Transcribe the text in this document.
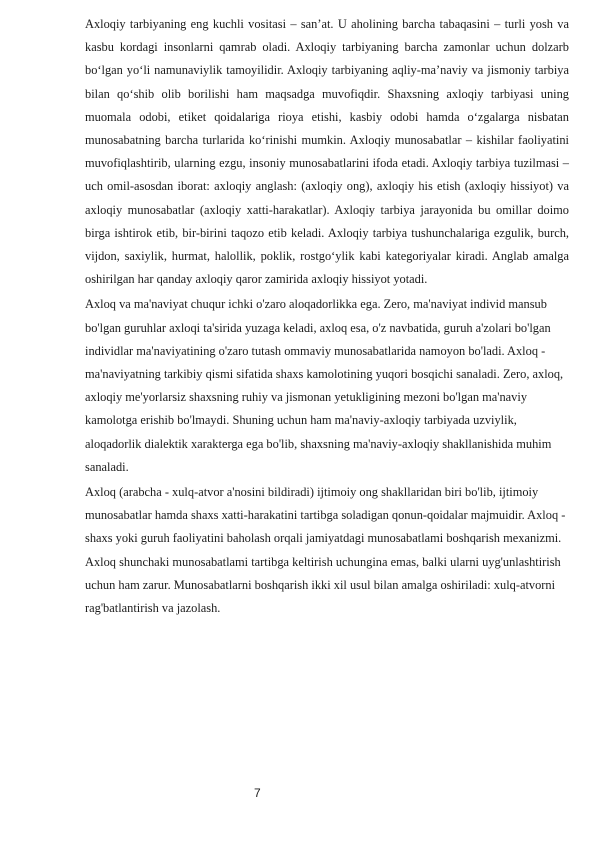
Axloqiy tarbiyaning eng kuchli vositasi – san’at. U aholining barcha tabaqasini – turli yosh va kasbu kordagi insonlarni qamrab oladi. Axloqiy tarbiyaning barcha zamonlar uchun dolzarb bo‘lgan yo‘li namunaviylik tamoyilidir. Axloqiy tarbiyaning aqliy-ma’naviy va jismoniy tarbiya bilan qo‘shib olib borilishi ham maqsadga muvofiqdir. Shaxsning axloqiy tarbiyasi uning muomala odobi, etiket qoidalariga rioya etishi, kasbiy odobi hamda o‘zgalarga nisbatan munosabatning barcha turlarida ko‘rinishi mumkin. Axloqiy munosabatlar – kishilar faoliyatini muvofiqlashtirib, ularning ezgu, insoniy munosabatlarini ifoda etadi. Axloqiy tarbiya tuzilmasi – uch omil-asosdan iborat: axloqiy anglash: (axloqiy ong), axloqiy his etish (axloqiy hissiyot) va axloqiy munosabatlar (axloqiy xatti-harakatlar). Axloqiy tarbiya jarayonida bu omillar doimo birga ishtirok etib, bir-birini taqozo etib keladi. Axloqiy tarbiya tushunchalariga ezgulik, burch, vijdon, saxiylik, hurmat, halollik, poklik, rostgo‘ylik kabi kategoriyalar kiradi. Anglab amalga oshirilgan har qanday axloqiy qaror zamirida axloqiy hissiyot yotadi.

Axloq va ma'naviyat chuqur ichki o'zaro aloqadorlikka ega. Zero, ma'naviyat individ mansub bo'lgan guruhlar axloqi ta'sirida yuzaga keladi, axloq esa, o'z navbatida, guruh a'zolari bo'lgan individlar ma'naviyatining o'zaro tutash ommaviy munosabatlarida namoyon bo'ladi. Axloq - ma'naviyatning tarkibiy qismi sifatida shaxs kamolotining yuqori bosqichi sanaladi. Zero, axloq, axloqiy me'yorlarsiz shaxsning ruhiy va jismonan yetukligining mezoni bo'lgan ma'naviy kamolotga erishib bo'lmaydi. Shuning uchun ham ma'naviy-axloqiy tarbiyada uzviylik, aloqadorlik dialektik xarakterga ega bo'lib, shaxsning ma'naviy-axloqiy shakllanishida muhim sanaladi.

Axloq (arabcha - xulq-atvor a'nosini bildiradi) ijtimoiy ong shakllaridan biri bo'lib, ijtimoiy munosabatlar hamda shaxs xatti-harakatini tartibga soladigan qonun-qoidalar majmuidir. Axloq - shaxs yoki guruh faoliyatini baholash orqali jamiyatdagi munosabatlami boshqarish mexanizmi. Axloq shunchaki munosabatlami tartibga keltirish uchungina emas, balki ularni uyg'unlashtirish uchun ham zarur. Munosabatlarni boshqarish ikki xil usul bilan amalga oshiriladi: xulq-atvorni rag'batlantirish va jazolash.

7
